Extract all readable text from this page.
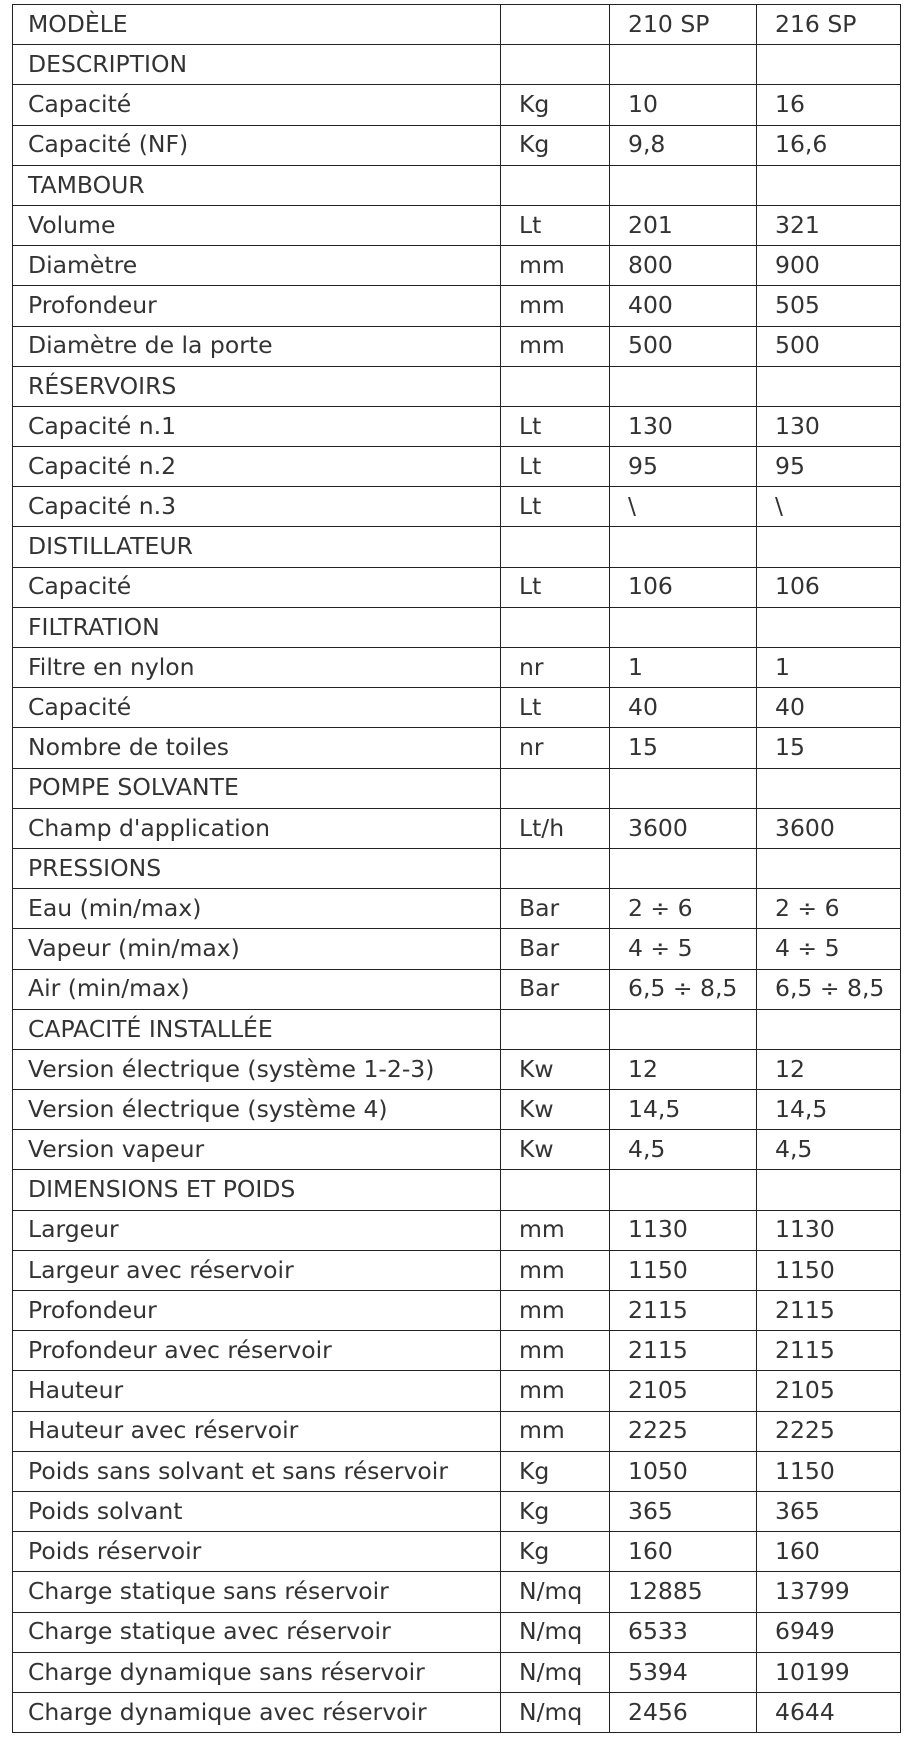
MODÈLE		210 SP	216 SP
DESCRIPTION			
Capacité	Kg	10	16
Capacité (NF)	Kg	9,8	16,6
TAMBOUR			
Volume	Lt	201	321
Diamètre	mm	800	900
Profondeur	mm	400	505
Diamètre de la porte	mm	500	500
RÉSERVOIRS			
Capacité n.1	Lt	130	130
Capacité n.2	Lt	95	95
Capacité n.3	Lt	\	\
DISTILLATEUR			
Capacité	Lt	106	106
FILTRATION			
Filtre en nylon	nr	1	1
Capacité	Lt	40	40
Nombre de toiles	nr	15	15
POMPE SOLVANTE			
Champ d'application	Lt/h	3600	3600
PRESSIONS			
Eau (min/max)	Bar	2 ÷ 6	2 ÷ 6
Vapeur (min/max)	Bar	4 ÷ 5	4 ÷ 5
Air (min/max)	Bar	6,5 ÷ 8,5	6,5 ÷ 8,5
CAPACITÉ INSTALLÉE			
Version électrique (système 1-2-3)	Kw	12	12
Version électrique (système 4)	Kw	14,5	14,5
Version vapeur	Kw	4,5	4,5
DIMENSIONS ET POIDS			
Largeur	mm	1130	1130
Largeur avec réservoir	mm	1150	1150
Profondeur	mm	2115	2115
Profondeur avec réservoir	mm	2115	2115
Hauteur	mm	2105	2105
Hauteur avec réservoir	mm	2225	2225
Poids sans solvant et sans réservoir	Kg	1050	1150
Poids solvant	Kg	365	365
Poids réservoir	Kg	160	160
Charge statique sans réservoir	N/mq	12885	13799
Charge statique avec réservoir	N/mq	6533	6949
Charge dynamique sans réservoir	N/mq	5394	10199
Charge dynamique avec réservoir	N/mq	2456	4644
